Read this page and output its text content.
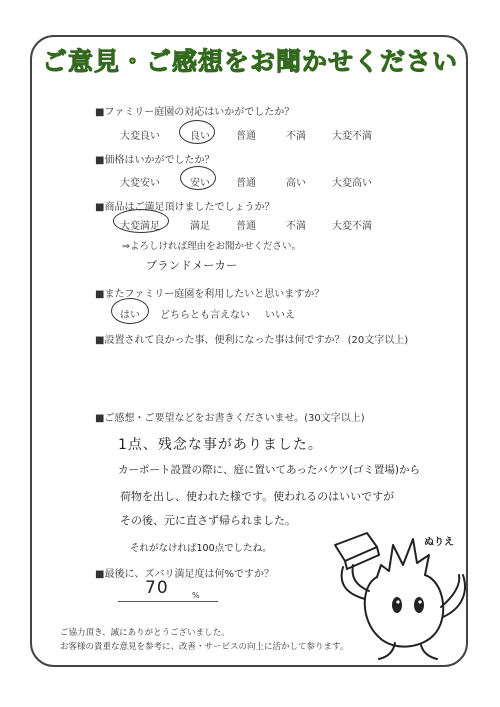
ご意見・ご感想をお聞かせください
■ファミリー庭園の対応はいかがでしたか？
大変良い	良い	普通	不満	大変不満
■価格はいかがでしたか？
大変安い	安い	普通	高い	大変高い
■商品はご満足頂けましたでしょうか？
大変満足	満足	普通	不満	大変不満
⇒よろしければ理由をお聞かせください。
ブランドメーカー
■またファミリー庭園を利用したいと思いますか？
はい どちらとも言えない いいえ
■設置されて良かった事、便利になった事は何ですか？ (20文字以上)
■ご感想・ご要望などをお書きくださいませ。(30文字以上)
1点、残念な事がありました。
カーポート設置の際に、庭に置いてあったバケツ(ゴミ置場)から
荷物を出し、使われた様です。使われるのはいいですが
その後、元に直さず帰られました。
それがなければ100点でしたね。
■最後に、ズバリ満足度は何%ですか？
70	%
ご協力頂き、誠にありがとうございました。
お客様の貴重な意見を参考に、改善・サービスの向上に活かして参ります。
ぬりえ
